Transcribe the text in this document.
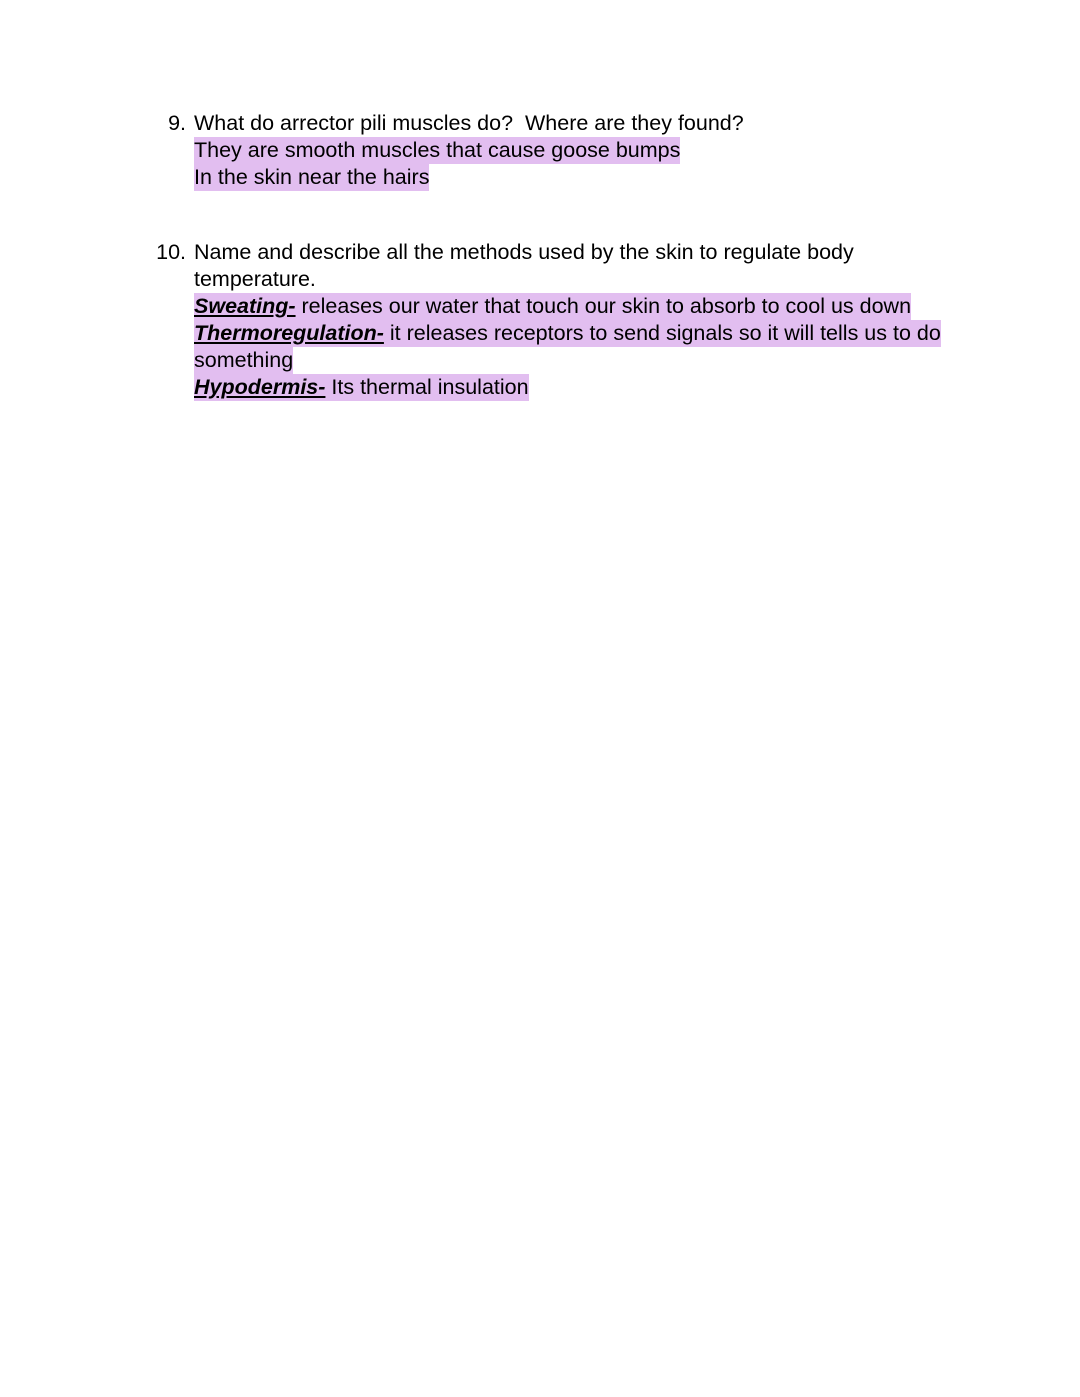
9. What do arrector pili muscles do?  Where are they found?
They are smooth muscles that cause goose bumps
In the skin near the hairs
10. Name and describe all the methods used by the skin to regulate body temperature.
Sweating- releases our water that touch our skin to absorb to cool us down
Thermoregulation- it releases receptors to send signals so it will tells us to do something
Hypodermis- Its thermal insulation
